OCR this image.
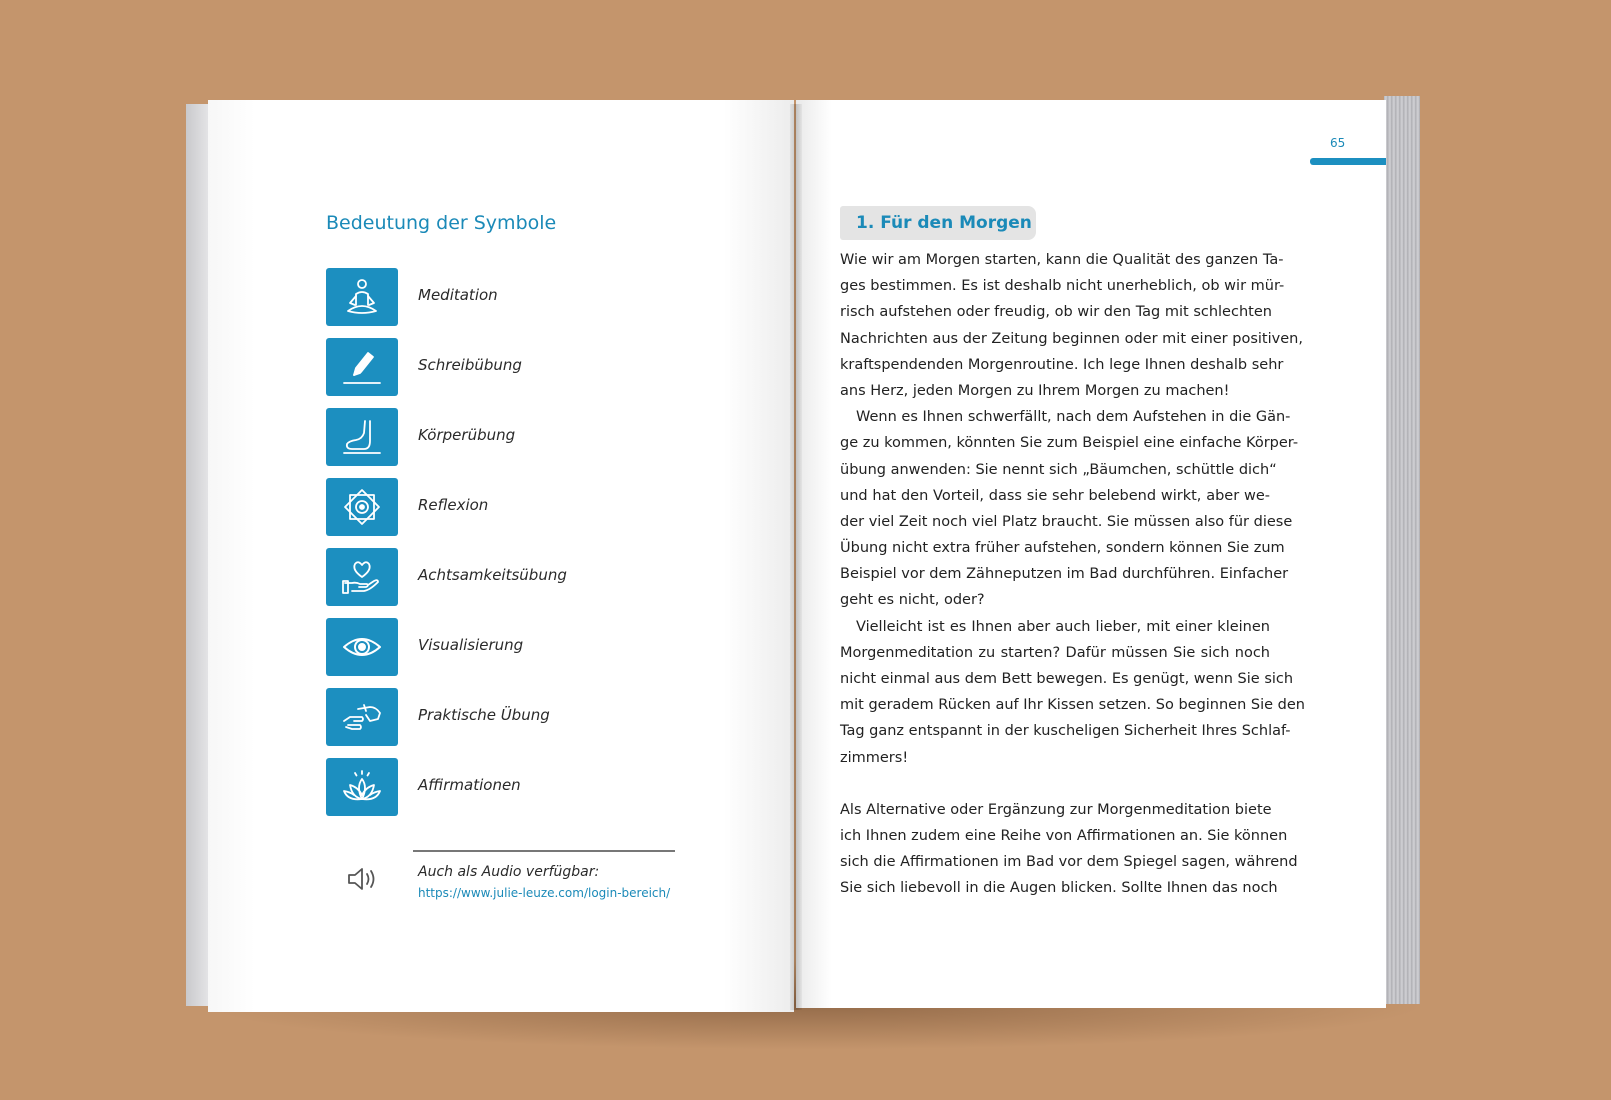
Bedeutung der Symbole
Meditation
Schreibübung
Körperübung
Reflexion
Achtsamkeitsübung
Visualisierung
Praktische Übung
Affirmationen
Auch als Audio verfügbar:
https://www.julie-leuze.com/login-bereich/
65
1. Für den Morgen
Wie wir am Morgen starten, kann die Qualität des ganzen Ta-
ges bestimmen. Es ist deshalb nicht unerheblich, ob wir mür-
risch aufstehen oder freudig, ob wir den Tag mit schlechten
Nachrichten aus der Zeitung beginnen oder mit einer positiven,
kraftspendenden Morgenroutine. Ich lege Ihnen deshalb sehr
ans Herz, jeden Morgen zu Ihrem Morgen zu machen!
Wenn es Ihnen schwerfällt, nach dem Aufstehen in die Gän-
ge zu kommen, könnten Sie zum Beispiel eine einfache Körper-
übung anwenden: Sie nennt sich „Bäumchen, schüttle dich“
und hat den Vorteil, dass sie sehr belebend wirkt, aber we-
der viel Zeit noch viel Platz braucht. Sie müssen also für diese
Übung nicht extra früher aufstehen, sondern können Sie zum
Beispiel vor dem Zähneputzen im Bad durchführen. Einfacher
geht es nicht, oder?
Vielleicht ist es Ihnen aber auch lieber, mit einer kleinen
Morgenmeditation zu starten? Dafür müssen Sie sich noch
nicht einmal aus dem Bett bewegen. Es genügt, wenn Sie sich
mit geradem Rücken auf Ihr Kissen setzen. So beginnen Sie den
Tag ganz entspannt in der kuscheligen Sicherheit Ihres Schlaf-
zimmers!
Als Alternative oder Ergänzung zur Morgenmeditation biete
ich Ihnen zudem eine Reihe von Affirmationen an. Sie können
sich die Affirmationen im Bad vor dem Spiegel sagen, während
Sie sich liebevoll in die Augen blicken. Sollte Ihnen das noch
